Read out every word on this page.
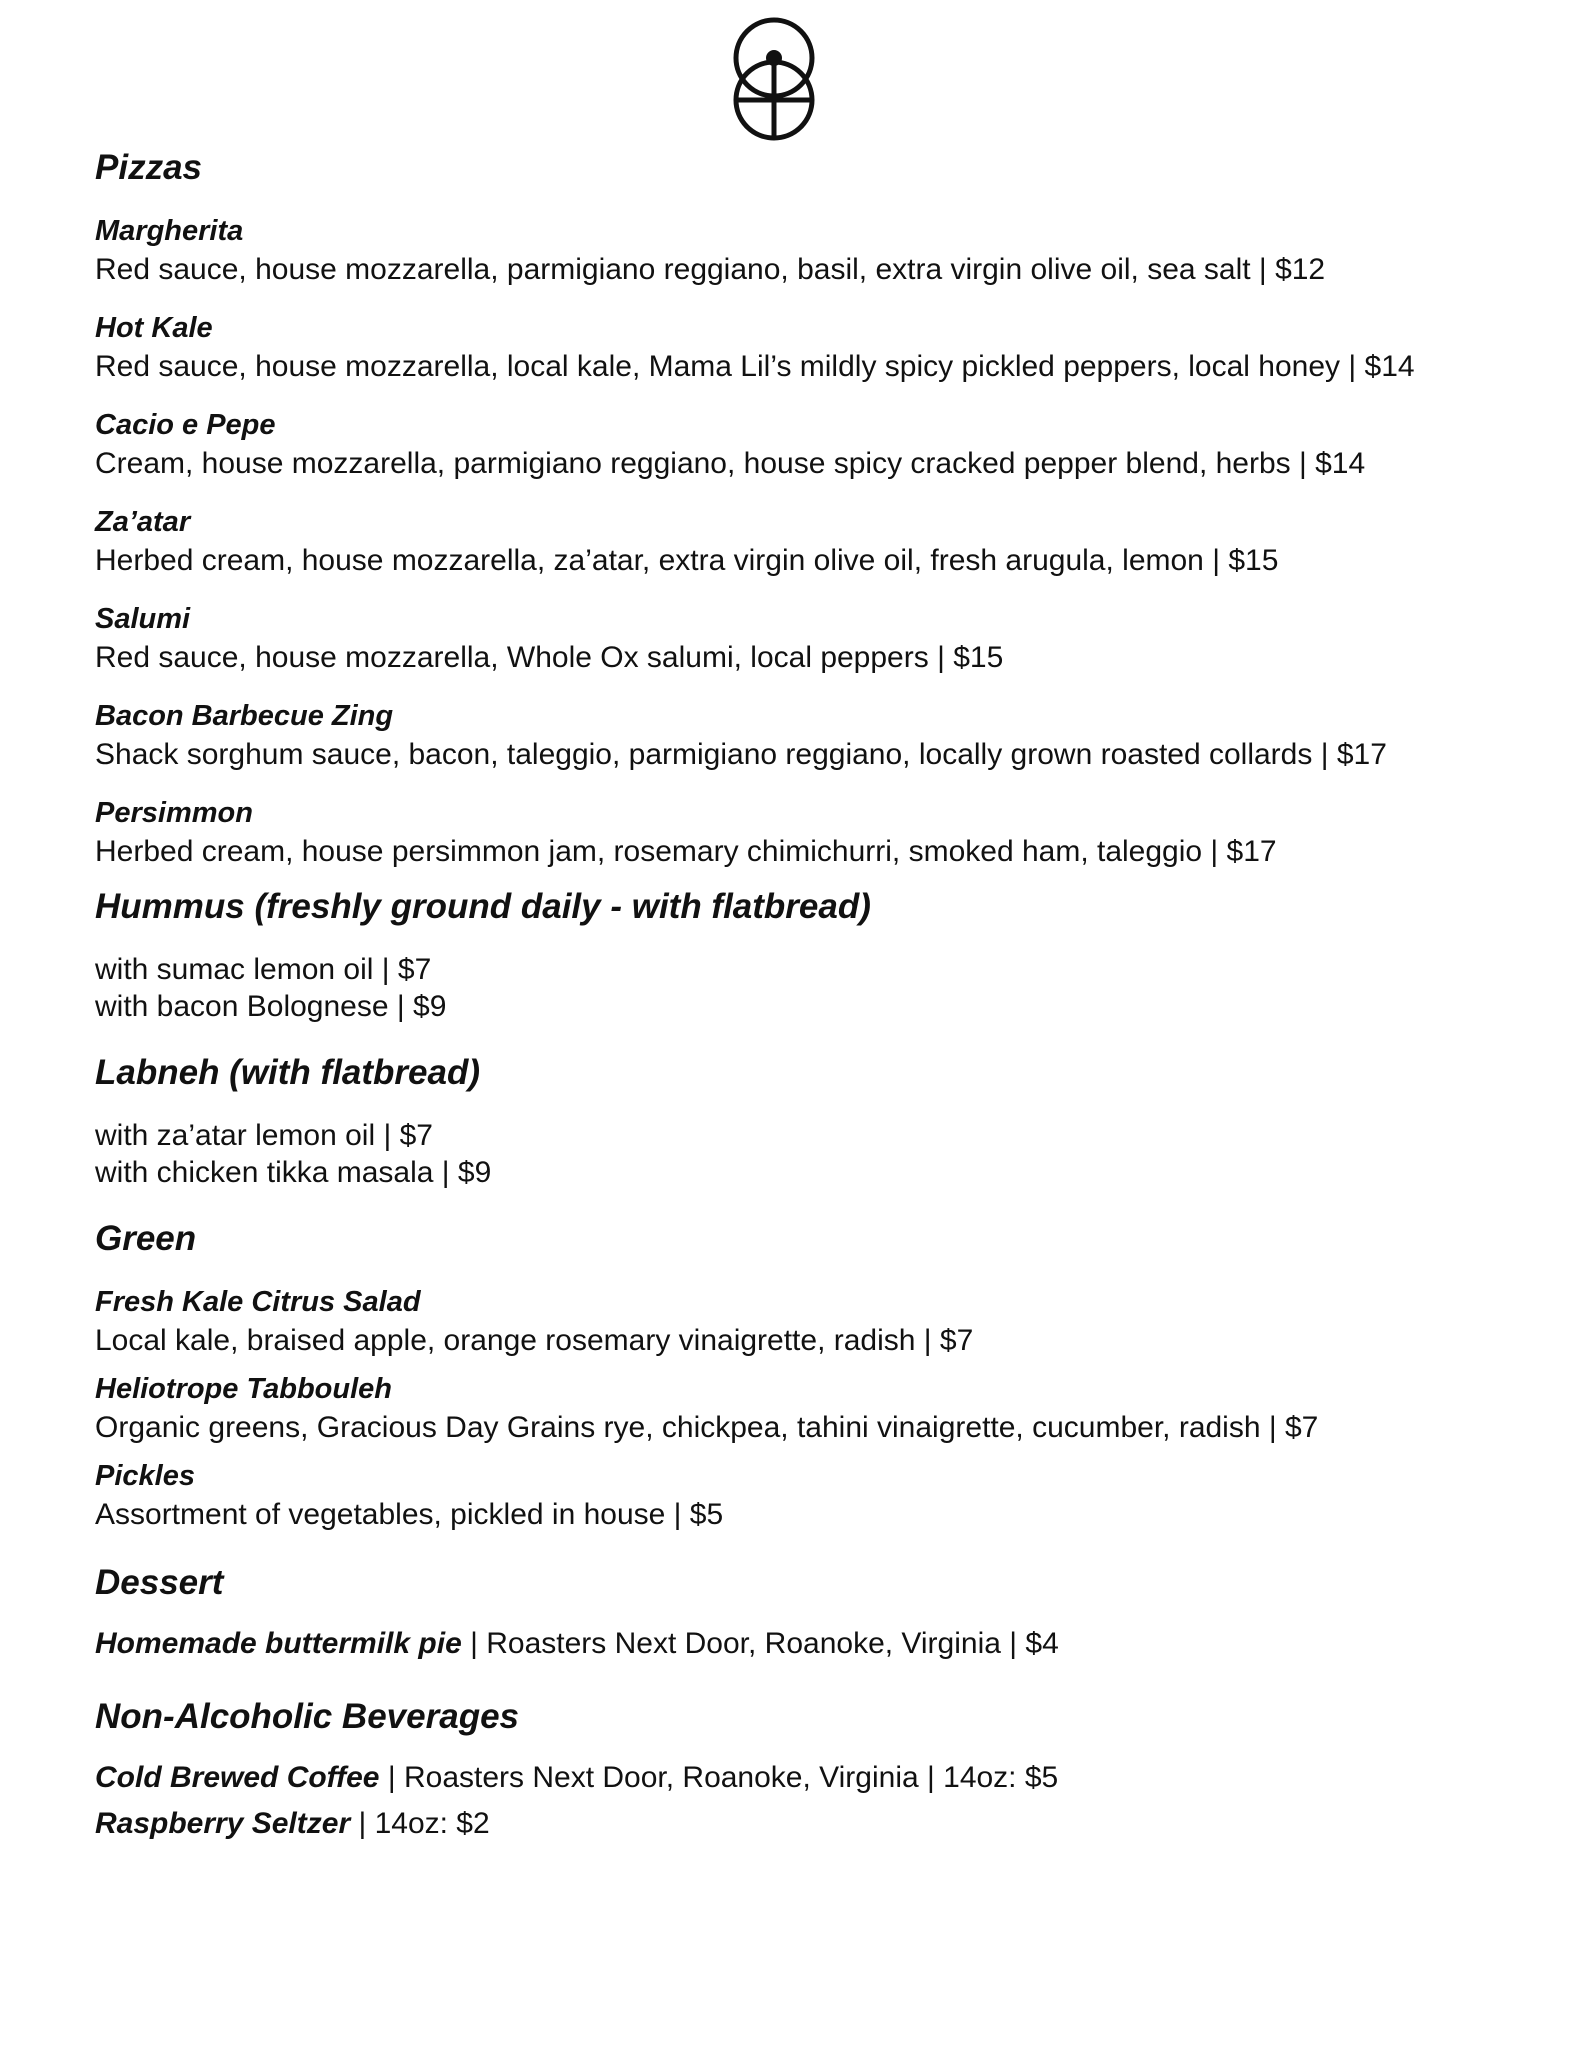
Pizzas

Margherita

Red sauce, house mozzarella, parmigiano reggiano, basil, extra virgin olive oil, sea salt | $12

Hot Kale

Red sauce, house mozzarella, local kale, Mama Lil’s mildly spicy pickled peppers, local honey | $14

Cacio e Pepe

Cream, house mozzarella, parmigiano reggiano, house spicy cracked pepper blend, herbs | $14

Za’atar

Herbed cream, house mozzarella, za’atar, extra virgin olive oil, fresh arugula, lemon | $15

Salumi

Red sauce, house mozzarella, Whole Ox salumi, local peppers | $15

Bacon Barbecue Zing

Shack sorghum sauce, bacon, taleggio, parmigiano reggiano, locally grown roasted collards | $17

Persimmon

Herbed cream, house persimmon jam, rosemary chimichurri, smoked ham, taleggio | $17

Hummus (freshly ground daily - with flatbread)

with sumac lemon oil | $7

with bacon Bolognese | $9

Labneh (with flatbread)

with za’atar lemon oil | $7

with chicken tikka masala | $9

Green

Fresh Kale Citrus Salad

Local kale, braised apple, orange rosemary vinaigrette, radish | $7

Heliotrope Tabbouleh

Organic greens, Gracious Day Grains rye, chickpea, tahini vinaigrette, cucumber, radish | $7

Pickles

Assortment of vegetables, pickled in house | $5

Dessert

Homemade buttermilk pie | Roasters Next Door, Roanoke, Virginia | $4

Non-Alcoholic Beverages

Cold Brewed Coffee | Roasters Next Door, Roanoke, Virginia | 14oz: $5

Raspberry Seltzer | 14oz: $2
